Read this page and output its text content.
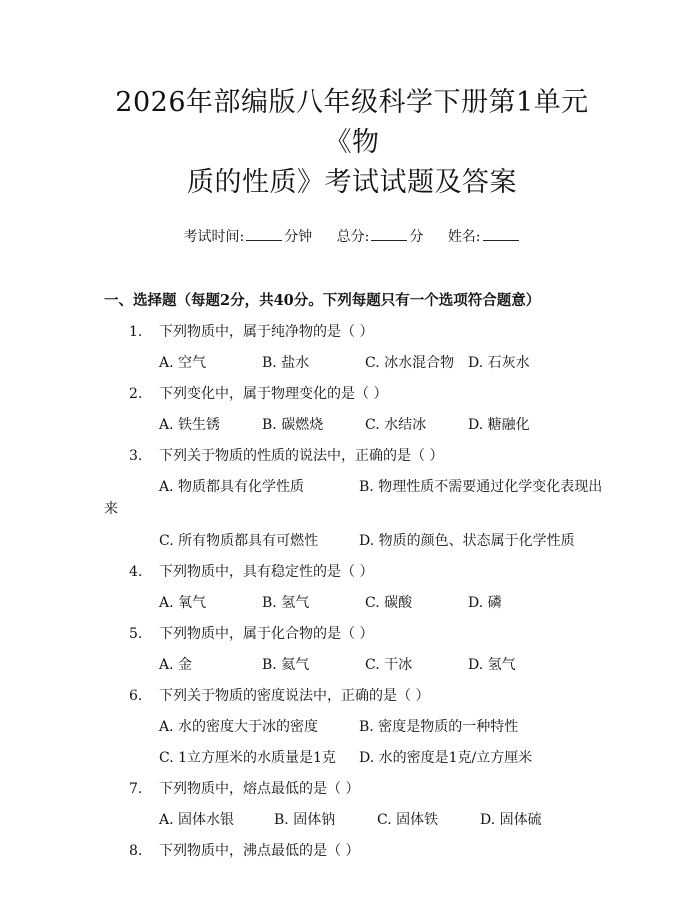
2026年部编版八年级科学下册第1单元《物
质的性质》考试试题及答案
考试时间:	分钟 总分:	分 姓名:
一、选择题（每题2分，共40分。下列每题只有一个选项符合题意）
1. 下列物质中，属于纯净物的是（ ）
A. 空气	B. 盐水	C. 冰水混合物 D. 石灰水
2. 下列变化中，属于物理变化的是（ ）
A. 铁生锈	B. 碳燃烧	C. 水结冰	D. 糖融化
3. 下列关于物质的性质的说法中，正确的是（ ）
A. 物质都具有化学性质	B. 物理性质不需要通过化学变化表现出
来
C. 所有物质都具有可燃性	D. 物质的颜色、状态属于化学性质
4. 下列物质中，具有稳定性的是（ ）
A. 氧气	B. 氢气	C. 碳酸	D. 磷
5. 下列物质中，属于化合物的是（ ）
A. 金	B. 氦气	C. 干冰	D. 氢气
6. 下列关于物质的密度说法中，正确的是（ ）
A. 水的密度大于冰的密度	B. 密度是物质的一种特性
C. 1立方厘米的水质量是1克 D. 水的密度是1克/立方厘米
7. 下列物质中，熔点最低的是（ ）
A. 固体水银	B. 固体钠	C. 固体铁	D. 固体硫
8. 下列物质中，沸点最低的是（ ）
